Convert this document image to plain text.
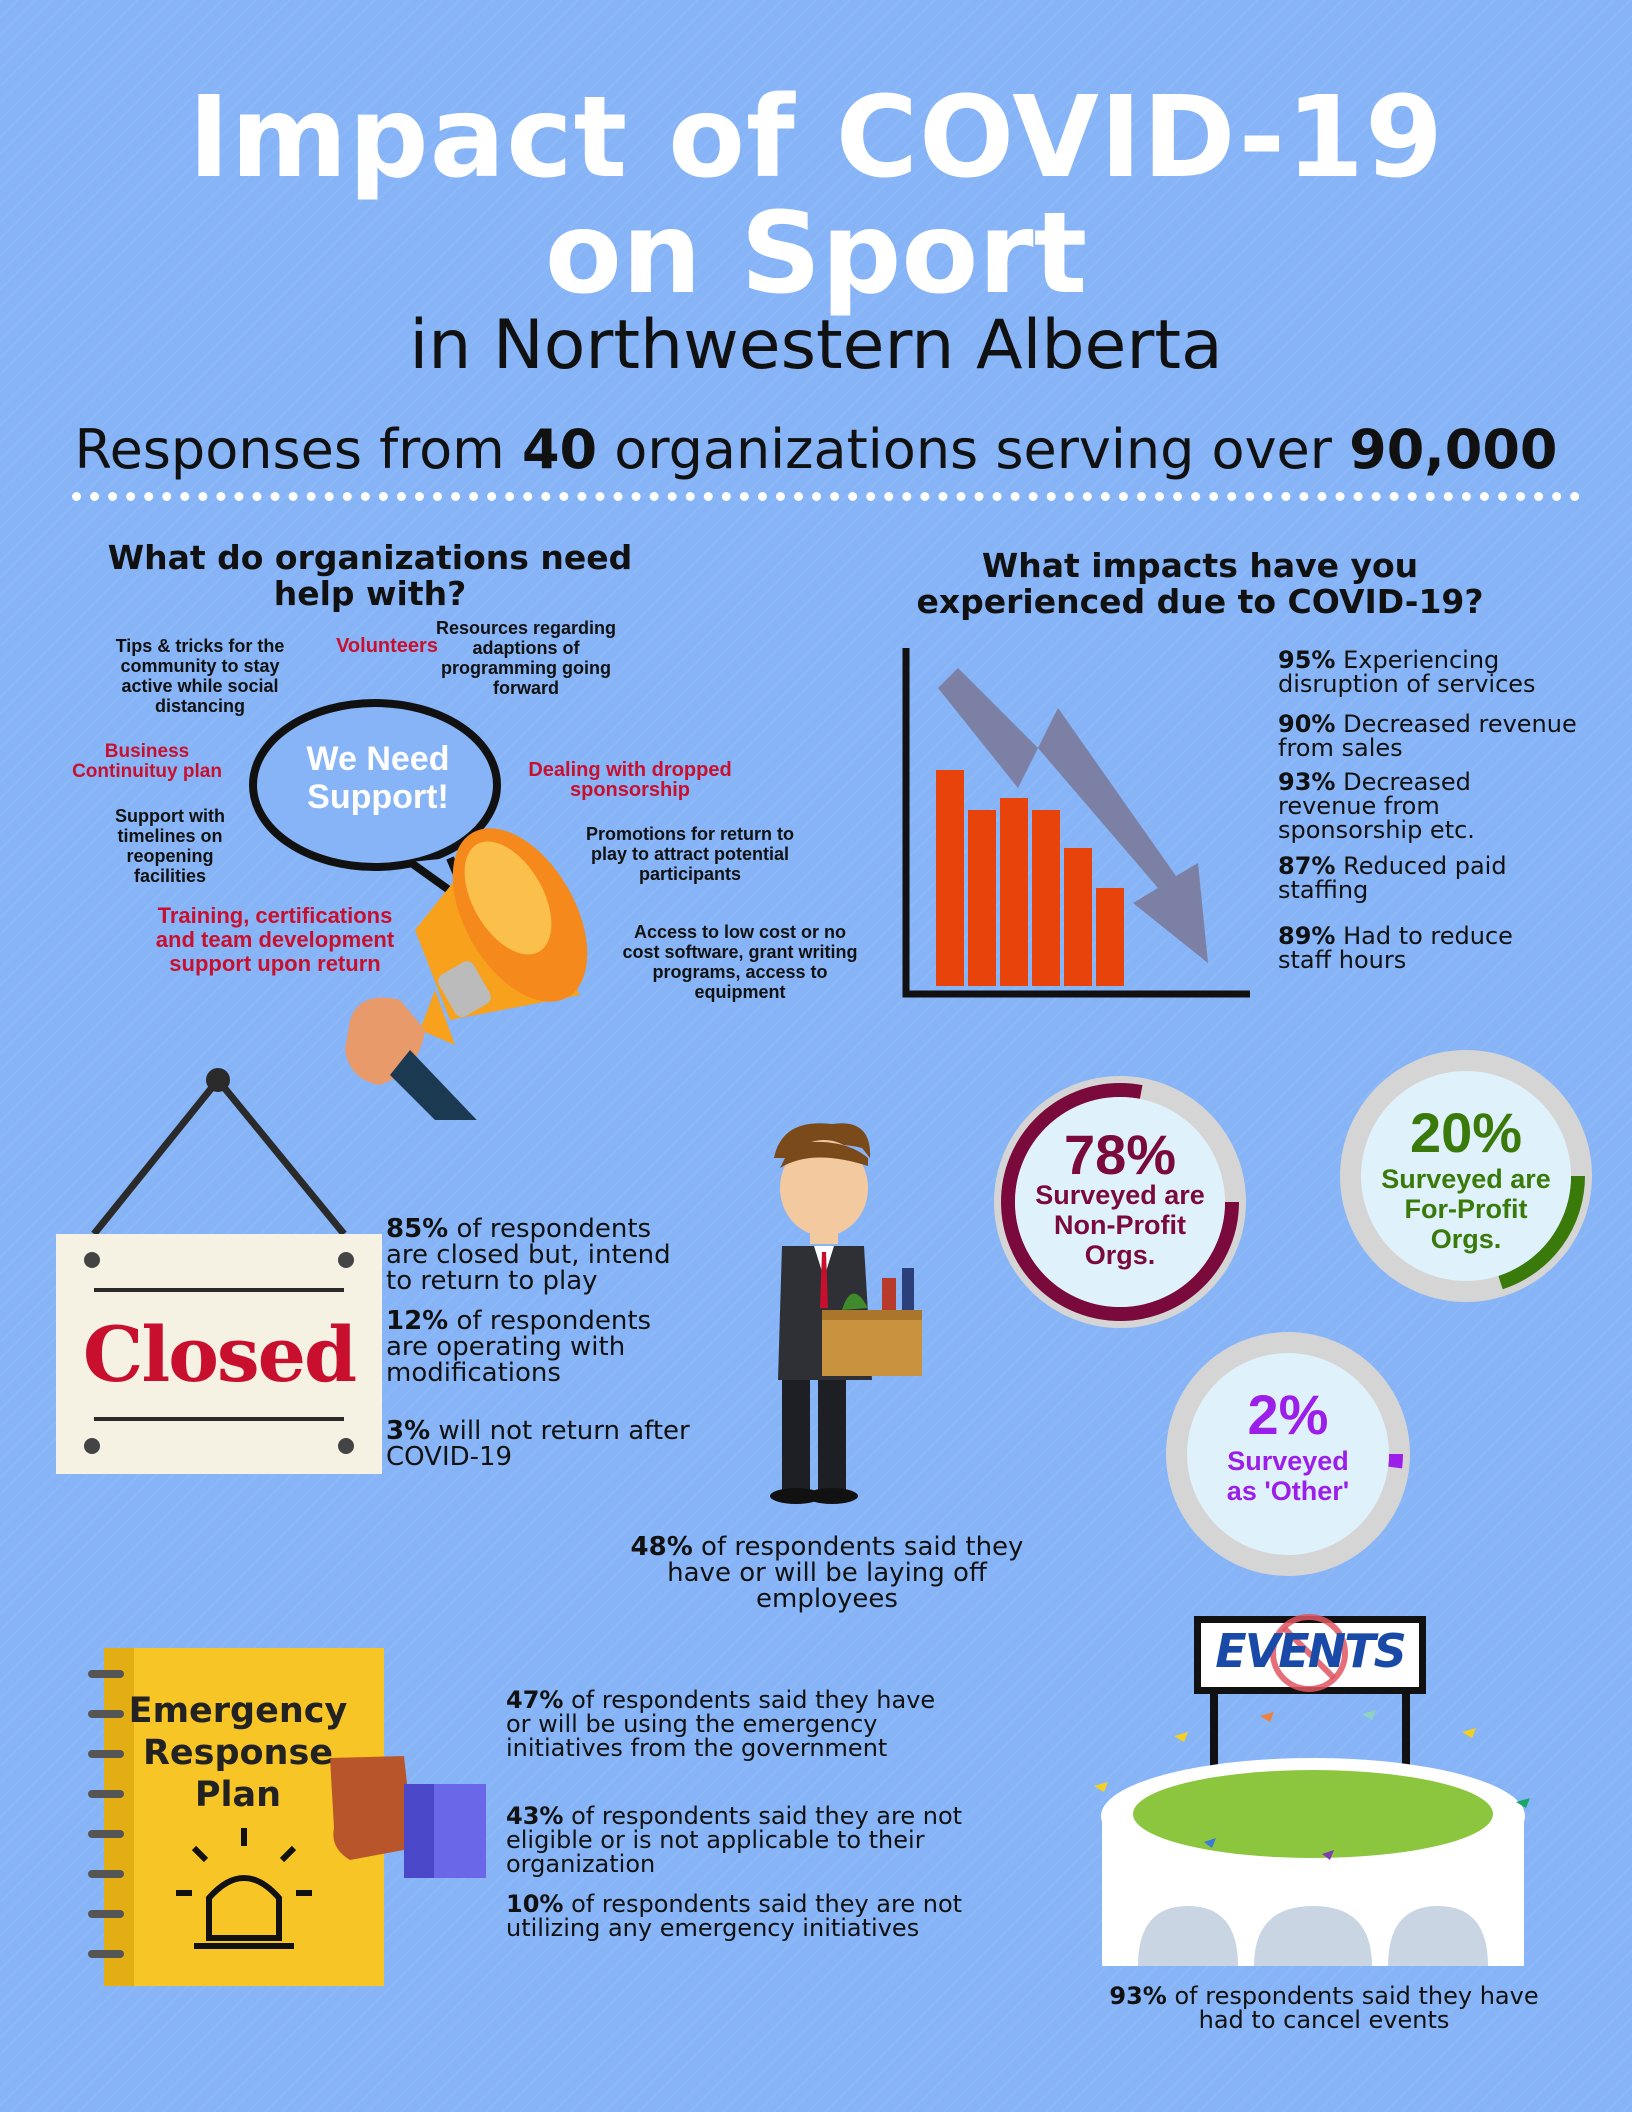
Impact of COVID-19
on Sport
in Northwestern Alberta
Responses from 40 organizations serving over 90,000
What do organizations need help with?
Tips & tricks for the community to stay active while social distancing
Volunteers
Resources regarding adaptions of programming going forward
Business Continuituy plan	Dealing with dropped sponsorship
Support with timelines on reopening facilities
Promotions for return to play to attract potential participants
Training, certifications and team development support upon return
Access to low cost or no cost software, grant writing programs, access to equipment
We Need Support!
What impacts have you experienced due to COVID-19?
95% Experiencing disruption of services
90% Decreased revenue from sales
93% Decreased revenue from sponsorship etc.
87% Reduced paid staffing
89% Had to reduce staff hours
78%
Surveyed are Non-Profit Orgs.
20%
Surveyed are For-Profit Orgs.
2%
Surveyed as 'Other'
Closed
85% of respondents are closed but, intend to return to play
12% of respondents are operating with modifications
3% will not return after COVID-19
48% of respondents said they have or will be laying off employees
Emergency Response Plan
47% of respondents said they have or will be using the emergency initiatives from the government
43% of respondents said they are not eligible or is not applicable to their organization
10% of respondents said they are not utilizing any emergency initiatives
EVENTS
93% of respondents said they have had to cancel events
